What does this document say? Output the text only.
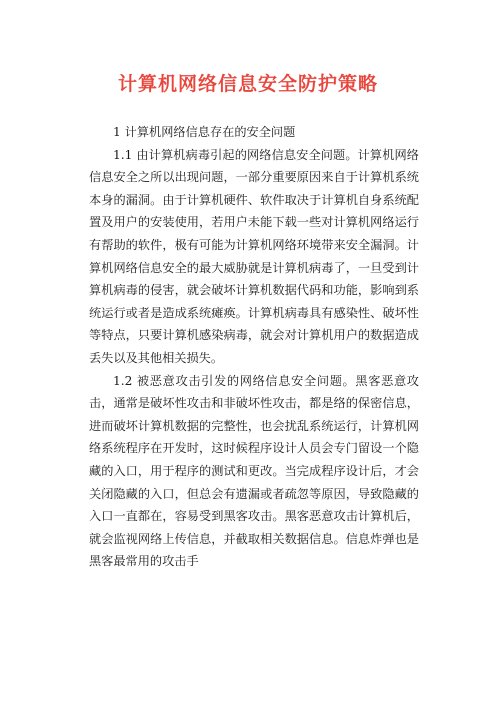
计算机网络信息安全防护策略

1 计算机网络信息存在的安全问题

1.1 由计算机病毒引起的网络信息安全问题。计算机网络信息安全之所以出现问题，一部分重要原因来自于计算机系统本身的漏洞。由于计算机硬件、软件取决于计算机自身系统配置及用户的安装使用，若用户未能下载一些对计算机网络运行有帮助的软件，极有可能为计算机网络环境带来安全漏洞。计算机网络信息安全的最大威胁就是计算机病毒了，一旦受到计算机病毒的侵害，就会破坏计算机数据代码和功能，影响到系统运行或者是造成系统瘫痪。计算机病毒具有感染性、破坏性等特点，只要计算机感染病毒，就会对计算机用户的数据造成丢失以及其他相关损失。

1.2 被恶意攻击引发的网络信息安全问题。黑客恶意攻击，通常是破坏性攻击和非破坏性攻击，都是络的保密信息，进而破坏计算机数据的完整性，也会扰乱系统运行，计算机网络系统程序在开发时，这时候程序设计人员会专门留设一个隐藏的入口，用于程序的测试和更改。当完成程序设计后，才会关闭隐藏的入口，但总会有遗漏或者疏忽等原因，导致隐藏的入口一直都在，容易受到黑客攻击。黑客恶意攻击计算机后，就会监视网络上传信息，并截取相关数据信息。信息炸弹也是黑客最常用的攻击手
